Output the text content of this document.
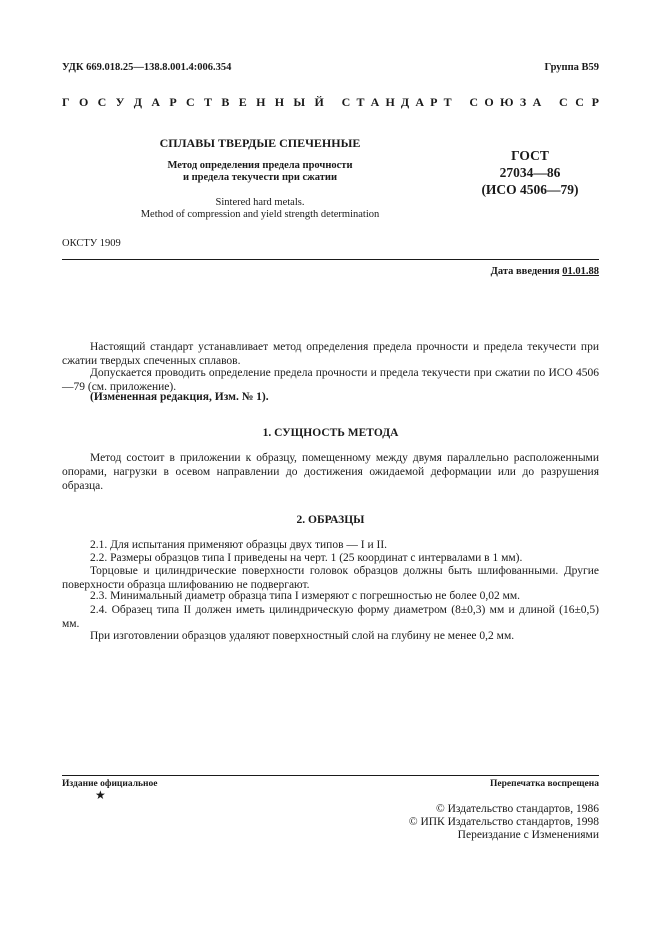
УДК 669.018.25—138.8.001.4:006.354	Группа В59
Г О С У Д А Р С Т В Е Н Н Ы Й С Т А Н Д А Р Т С О Ю З А С С Р
СПЛАВЫ ТВЕРДЫЕ СПЕЧЕННЫЕ
Метод определения предела прочности
и предела текучести при сжатии
Sintered hard metals.
Method of compression and yield strength determination
ГОСТ
27034—86
(ИСО 4506—79)
ОКСТУ 1909
Дата введения 01.01.88
Настоящий стандарт устанавливает метод определения предела прочности и предела текучести при сжатии твердых спеченных сплавов.
Допускается проводить определение предела прочности и предела текучести при сжатии по ИСО 4506—79 (см. приложение).
(Измененная редакция, Изм. № 1).
1. СУЩНОСТЬ МЕТОДА
Метод состоит в приложении к образцу, помещенному между двумя параллельно расположенными опорами, нагрузки в осевом направлении до достижения ожидаемой деформации или до разрушения образца.
2. ОБРАЗЦЫ
2.1. Для испытания применяют образцы двух типов — I и II.
2.2. Размеры образцов типа I приведены на черт. 1 (25 координат с интервалами в 1 мм).
Торцовые и цилиндрические поверхности головок образцов должны быть шлифованными. Другие поверхности образца шлифованию не подвергают.
2.3. Минимальный диаметр образца типа I измеряют с погрешностью не более 0,02 мм.
2.4. Образец типа II должен иметь цилиндрическую форму диаметром (8±0,3) мм и длиной (16±0,5) мм.
При изготовлении образцов удаляют поверхностный слой на глубину не менее 0,2 мм.
Издание официальное
★
Перепечатка воспрещена
© Издательство стандартов, 1986
© ИПК Издательство стандартов, 1998
Переиздание с Изменениями
